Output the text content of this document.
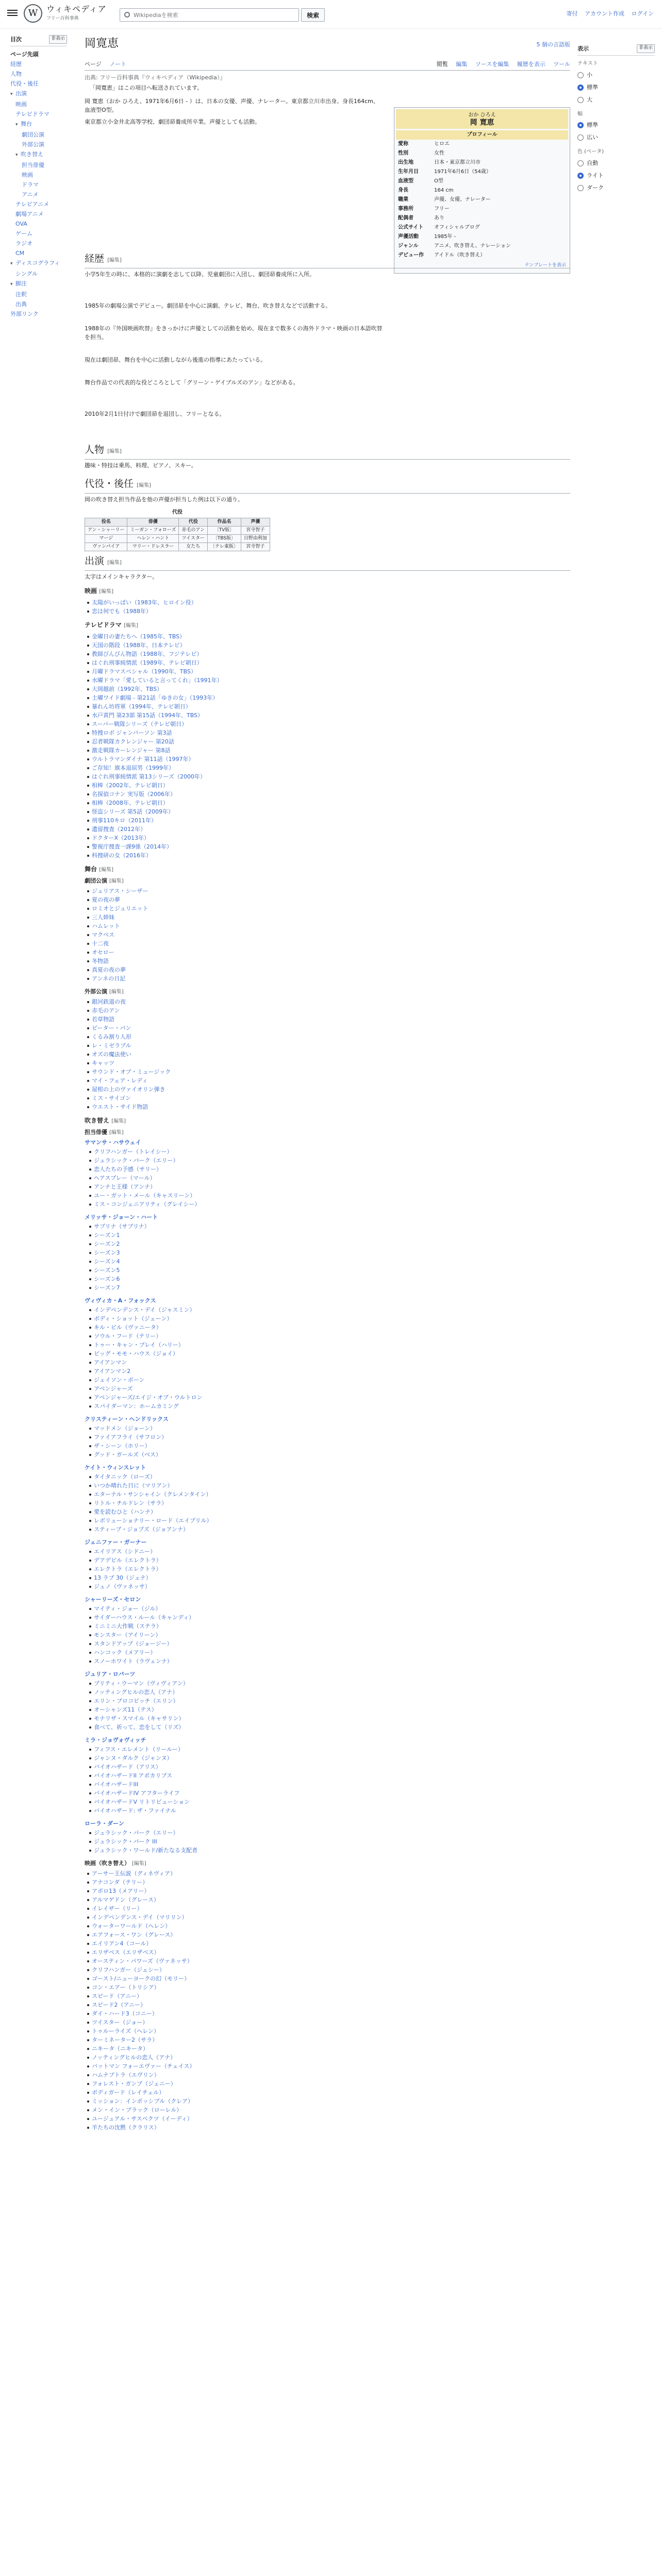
W	ウィキペディア
フリー百科事典
Wikipediaを検索	検索	寄付 アカウント作成 ログイン
目次	非表示
ページ先頭
経歴
人物
代役・後任
▾ 出演
映画
テレビドラマ
▾ 舞台
劇団公演
外部公演
▾ 吹き替え
担当俳優
映画
ドラマ
アニメ
テレビアニメ
劇場アニメ
OVA
ゲーム
ラジオ
CM
▾ ディスコグラフィ
シングル
▾ 脚注
注釈
出典
外部リンク
表示	非表示
テキスト
小
標準
大
幅
標準
広い
色 (ベータ)
自動
ライト
ダーク
岡寛恵	5 個の言語版
ページ ノート	閲覧 編集 ソースを編集 履歴を表示 ツール
出典: フリー百科事典『ウィキペディア（Wikipedia）』
「岡寛恵」はこの項目へ転送されています。
おか ひろえ
岡 寛恵
プロフィール	
愛称	ヒロエ
性別	女性
出生地	日本・東京都立川市
生年月日	1971年6月6日（54歳）
血液型	O型
身長	164 cm
職業	声優、女優、ナレーター
事務所	フリー
配偶者	あり
公式サイト	オフィシャルブログ
声優活動	1985年 -
ジャンル	アニメ、吹き替え、ナレーション
デビュー作	アイドル（吹き替え）
テンプレートを表示
岡 寛恵（おか ひろえ、1971年6月6日 - ）は、日本の女優、声優、ナレーター。東京都立川市出身。身長164cm、血液型O型。
東京都立小金井北高等学校、劇団昴養成所卒業。声優としても活動。
経歴 [編集]
小学5年生の時に、本格的に演劇を志して以降、児童劇団に入団し、劇団昴養成所に入所。
1985年の劇場公演でデビュー。劇団昴を中心に演劇、テレビ、舞台、吹き替えなどで活動する。
1988年の『外国映画吹替』をきっかけに声優としての活動を始め、現在まで数多くの海外ドラマ・映画の日本語吹替を担当。
現在は劇団昴、舞台を中心に活動しながら後進の指導にあたっている。
舞台作品での代表的な役どころとして「グリーン・ゲイブルズのアン」などがある。
2010年2月1日付けで劇団昴を退団し、フリーとなる。
人物 [編集]
趣味・特技は乗馬、料理、ピアノ、スキー。
代役・後任 [編集]
岡の吹き替え担当作品を他の声優が担当した例は以下の通り。
代役
役名	俳優	代役	作品名	声優
アン・シャーリー	ミーガン・フォローズ	赤毛のアン	〔TV版〕	宮寺智子
マージ	ヘレン・ハント	ツイスター	〔TBS版〕	日野由利加
ヴァンパイア	マリー・ドレスラー	女たち	〔テレ東版〕	宮寺智子
出演 [編集]
太字はメインキャラクター。
映画 [編集]
太陽がいっぱい（1983年、ヒロイン役）
恋は何でも（1988年）
テレビドラマ [編集]
金曜日の妻たちへ（1985年、TBS）
天国の階段（1988年、日本テレビ）
教師びんびん物語（1988年、フジテレビ）
はぐれ刑事純情派（1989年、テレビ朝日）
月曜ドラマスペシャル（1990年、TBS）
水曜ドラマ「愛していると言ってくれ」（1991年）
大岡越前（1992年、TBS）
土曜ワイド劇場 - 第21話「ゆきの女」（1993年）
暴れん坊将軍（1994年、テレビ朝日）
水戸黄門 第23部 第15話（1994年、TBS）
スーパー戦隊シリーズ（テレビ朝日）
特捜ロボ ジャンパーソン 第3話
忍者戦隊カクレンジャー 第20話
激走戦隊カーレンジャー 第8話
ウルトラマンダイナ 第11話（1997年）
ご存知！旗本退屈男（1999年）
はぐれ刑事純情派 第13シリーズ（2000年）
相棒（2002年、テレビ朝日）
名探偵コナン 実写版（2006年）
相棒（2008年、テレビ朝日）
怪盗シリーズ 第5話（2009年）
刑事110キロ（2011年）
遺留捜査（2012年）
ドクターX（2013年）
警視庁捜査一課9係（2014年）
科捜研の女（2016年）
舞台 [編集]
劇団公演 [編集]
ジュリアス・シーザー
夏の夜の夢
ロミオとジュリエット
三人姉妹
ハムレット
マクベス
十二夜
オセロー
冬物語
真夏の夜の夢
アンネの日記
外部公演 [編集]
銀河鉄道の夜
赤毛のアン
若草物語
ピーター・パン
くるみ割り人形
レ・ミゼラブル
オズの魔法使い
キャッツ
サウンド・オブ・ミュージック
マイ・フェア・レディ
屋根の上のヴァイオリン弾き
ミス・サイゴン
ウエスト・サイド物語
吹き替え [編集]
担当俳優 [編集]
サマンサ・ハサウェイ
クリフハンガー（トレイシー）
ジュラシック・パーク（エリー）
恋人たちの予感（サリー）
ヘアスプレー（マール）
アンナと王様（アンナ）
ユー・ガット・メール（キャスリーン）
ミス・コンジェニアリティ（グレイシー）
メリッサ・ジョーン・ハート
サブリナ（サブリナ）
シーズン1
シーズン2
シーズン3
シーズン4
シーズン5
シーズン6
シーズン7
ヴィヴィカ・A・フォックス
インデペンデンス・デイ（ジャスミン）
ボディ・ショット（ジェーン）
キル・ビル（ヴァニータ）
ソウル・フード（テリー）
トゥー・キャン・プレイ（ハリー）
ビッグ・モモ・ハウス（ジョイ）
アイアンマン
アイアンマン2
ジェイソン・ボーン
アベンジャーズ
アベンジャーズ/エイジ・オブ・ウルトロン
スパイダーマン：ホームカミング
クリスティーン・ヘンドリックス
マッドメン（ジョーン）
ファイアフライ（サフロン）
ザ・シーン（ホリー）
グッド・ガールズ（ベス）
ケイト・ウィンスレット
タイタニック（ローズ）
いつか晴れた日に（マリアン）
エターナル・サンシャイン（クレメンタイン）
リトル・チルドレン（サラ）
愛を読むひと（ハンナ）
レボリューショナリー・ロード（エイプリル）
スティーブ・ジョブズ（ジョアンナ）
ジェニファー・ガーナー
エイリアス（シドニー）
デアデビル（エレクトラ）
エレクトラ（エレクトラ）
13 ラブ 30（ジェナ）
ジュノ（ヴァネッサ）
シャーリーズ・セロン
マイティ・ジョー（ジル）
サイダーハウス・ルール（キャンディ）
ミニミニ大作戦（ステラ）
モンスター（アイリーン）
スタンドアップ（ジョージー）
ハンコック（メアリー）
スノーホワイト（ラヴェンナ）
ジュリア・ロバーツ
プリティ・ウーマン（ヴィヴィアン）
ノッティングヒルの恋人（アナ）
エリン・ブロコビッチ（エリン）
オーシャンズ11（テス）
モナリザ・スマイル（キャサリン）
食べて、祈って、恋をして（リズ）
ミラ・ジョヴォヴィッチ
フィフス・エレメント（リールー）
ジャンヌ・ダルク（ジャンヌ）
バイオハザード（アリス）
バイオハザードII アポカリプス
バイオハザードIII
バイオハザードIV アフターライフ
バイオハザードV リトリビューション
バイオハザード: ザ・ファイナル
ローラ・ダーン
ジュラシック・パーク（エリー）
ジュラシック・パーク III
ジュラシック・ワールド/新たなる支配者
映画（吹き替え） [編集]
アーサー王伝説（グィネヴィア）
アナコンダ（テリー）
アポロ13（メアリー）
アルマゲドン（グレース）
イレイザー（リー）
インデペンデンス・デイ（マリリン）
ウォーターワールド（ヘレン）
エアフォース・ワン（グレース）
エイリアン4（コール）
エリザベス（エリザベス）
オースティン・パワーズ（ヴァネッサ）
クリフハンガー（ジェシー）
ゴースト/ニューヨークの幻（モリー）
コン・エアー（トリシア）
スピード（アニー）
スピード2（アニー）
ダイ・ハード3（コニー）
ツイスター（ジョー）
トゥルーライズ（ヘレン）
ターミネーター2（サラ）
ニキータ（ニキータ）
ノッティングヒルの恋人（アナ）
バットマン フォーエヴァー（チェイス）
ハムナプトラ（エヴリン）
フォレスト・ガンプ（ジェニー）
ボディガード（レイチェル）
ミッション：インポッシブル（クレア）
メン・イン・ブラック（ローレル）
ユージュアル・サスペクツ（イーディ）
羊たちの沈黙（クラリス）
